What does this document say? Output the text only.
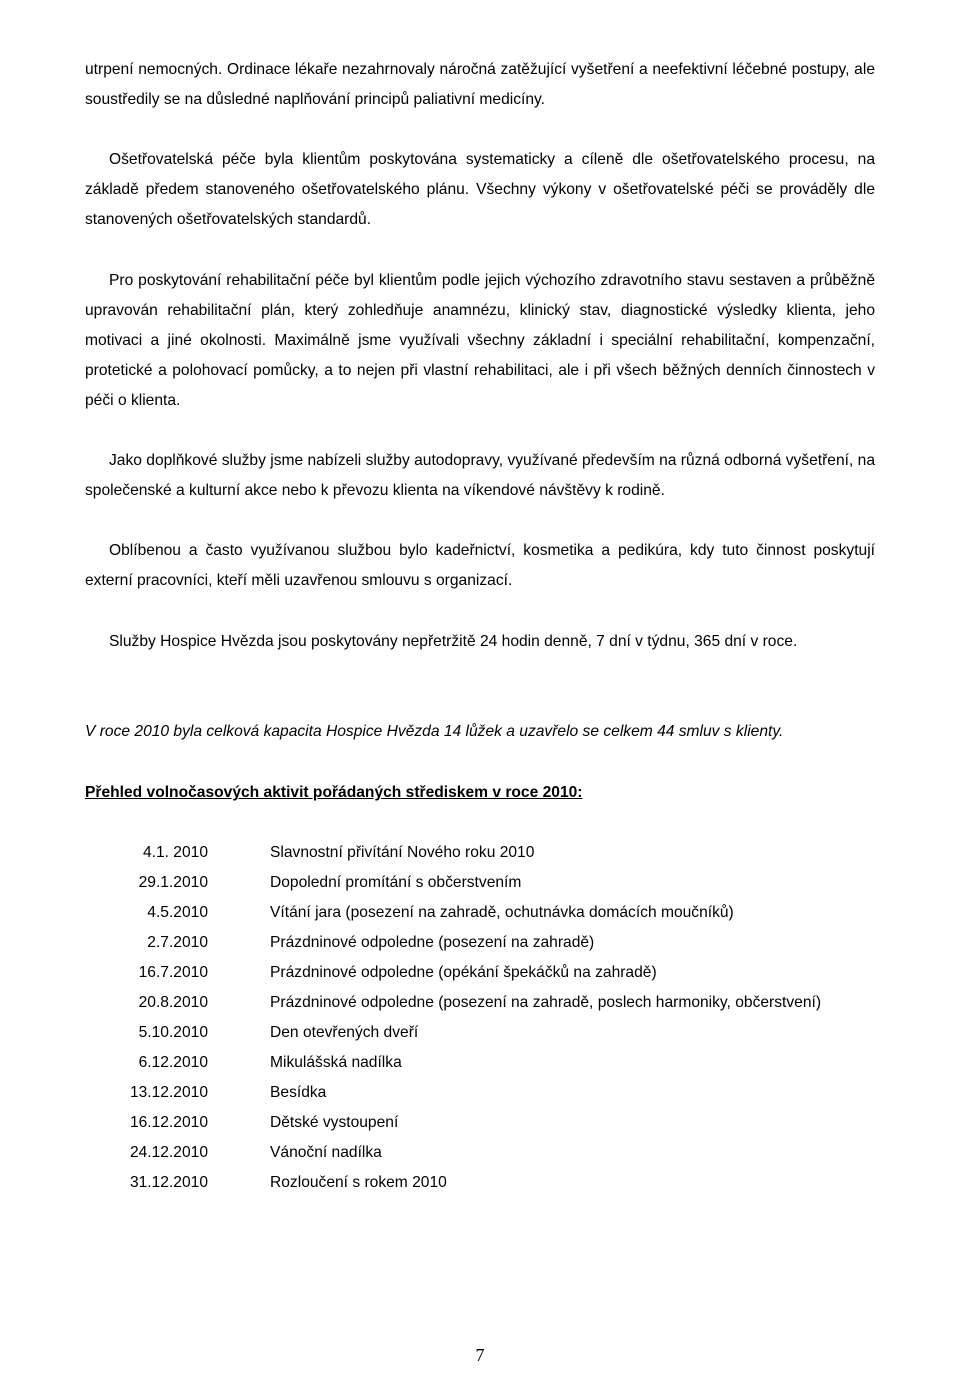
utrpení nemocných. Ordinace lékaře nezahrnovaly náročná zatěžující vyšetření a neefektivní léčebné postupy, ale soustředily se na důsledné naplňování principů paliativní medicíny.

Ošetřovatelská péče byla klientům poskytována systematicky a cíleně dle ošetřovatelského procesu, na základě předem stanoveného ošetřovatelského plánu. Všechny výkony v ošetřovatelské péči se prováděly dle stanovených ošetřovatelských standardů.

Pro poskytování rehabilitační péče byl klientům podle jejich výchozího zdravotního stavu sestaven a průběžně upravován rehabilitační plán, který zohledňuje anamnézu, klinický stav, diagnostické výsledky klienta, jeho motivaci a jiné okolnosti. Maximálně jsme využívali všechny základní i speciální rehabilitační, kompenzační, protetické a polohovací pomůcky, a to nejen při vlastní rehabilitaci, ale i při všech běžných denních činnostech v péči o klienta.

Jako doplňkové služby jsme nabízeli služby autodopravy, využívané především na různá odborná vyšetření, na společenské a kulturní akce nebo k převozu klienta na víkendové návštěvy k rodině.

Oblíbenou a často využívanou službou bylo kadeřnictví, kosmetika a pedikúra, kdy tuto činnost poskytují externí pracovníci, kteří měli uzavřenou smlouvu s organizací.

Služby Hospice Hvězda jsou poskytovány nepřetržitě 24 hodin denně, 7 dní v týdnu, 365 dní v roce.

V roce 2010 byla celková kapacita Hospice Hvězda 14 lůžek a uzavřelo se celkem 44 smluv s klienty.

Přehled volnočasových aktivit pořádaných střediskem v roce 2010:

4.1. 2010	Slavnostní přivítání Nového roku 2010
29.1.2010	Dopolední promítání s občerstvením
4.5.2010	Vítání jara (posezení na zahradě, ochutnávka domácích moučníků)
2.7.2010	Prázdninové odpoledne (posezení na zahradě)
16.7.2010	Prázdninové odpoledne (opékání špekáčků na zahradě)
20.8.2010	Prázdninové odpoledne (posezení na zahradě, poslech harmoniky, občerstvení)
5.10.2010	Den otevřených dveří
6.12.2010	Mikulášská nadílka
13.12.2010	Besídka
16.12.2010	Dětské vystoupení
24.12.2010	Vánoční nadílka
31.12.2010	Rozloučení s rokem 2010
7
